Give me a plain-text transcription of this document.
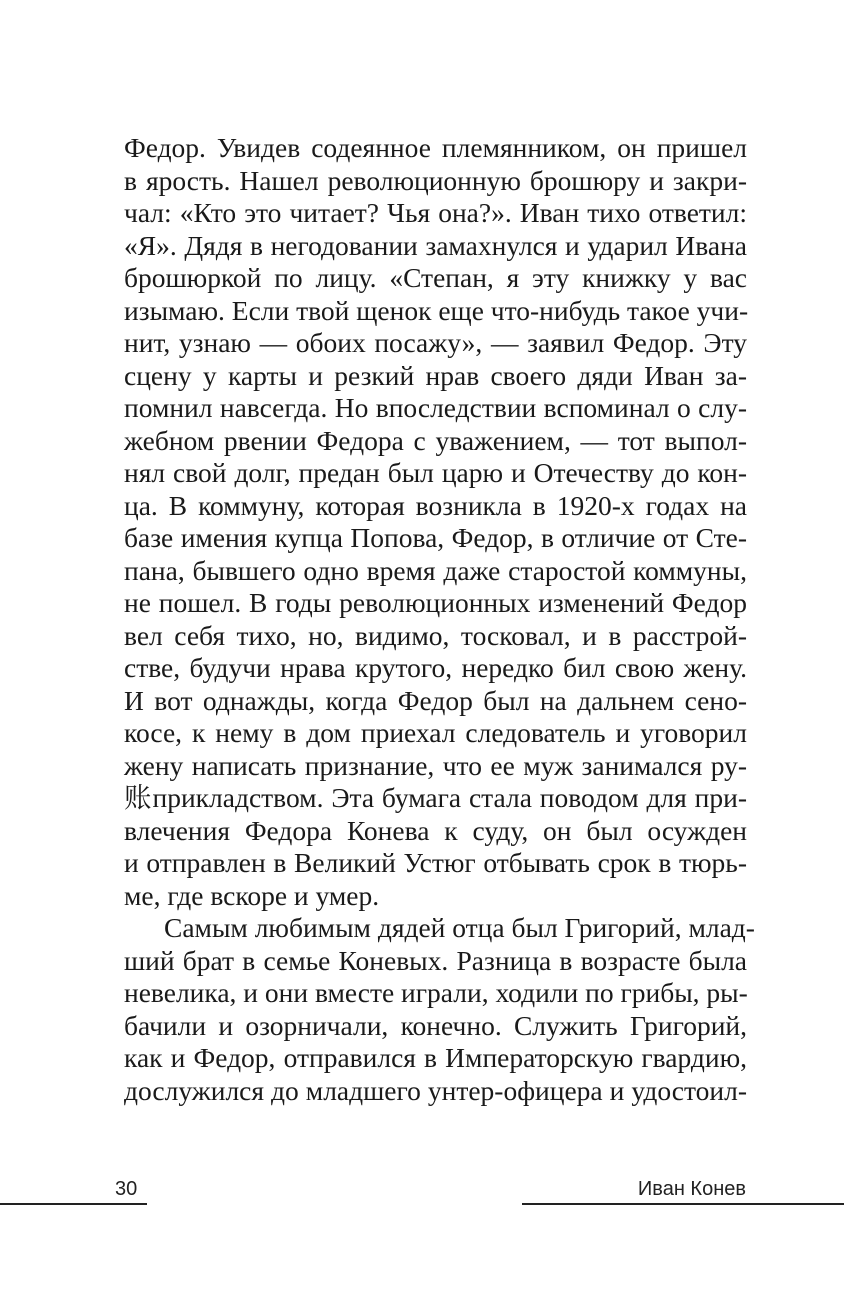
Федор. Увидев содеянное племянником, он пришел
в ярость. Нашел революционную брошюру и закри-
чал: «Кто это читает? Чья она?». Иван тихо ответил:
«Я». Дядя в негодовании замахнулся и ударил Ивана
брошюркой по лицу. «Степан, я эту книжку у вас
изымаю. Если твой щенок еще что-нибудь такое учи-
нит, узнаю — обоих посажу», — заявил Федор. Эту
сцену у карты и резкий нрав своего дяди Иван за-
помнил навсегда. Но впоследствии вспоминал о слу-
жебном рвении Федора с уважением, — тот выпол-
нял свой долг, предан был царю и Отечеству до кон-
ца. В коммуну, которая возникла в 1920-х годах на
базе имения купца Попова, Федор, в отличие от Сте-
пана, бывшего одно время даже старостой коммуны,
не пошел. В годы революционных изменений Федор
вел себя тихо, но, видимо, тосковал, и в расстрой-
стве, будучи нрава крутого, нередко бил свою жену.
И вот однажды, когда Федор был на дальнем сено-
косе, к нему в дом приехал следователь и уговорил
жену написать признание, что ее муж занимался ру-
账прикладством. Эта бумага стала поводом для при-
влечения Федора Конева к суду, он был осужден
и отправлен в Великий Устюг отбывать срок в тюрь-
ме, где вскоре и умер.
Самым любимым дядей отца был Григорий, млад-
ший брат в семье Коневых. Разница в возрасте была
невелика, и они вместе играли, ходили по грибы, ры-
бачили и озорничали, конечно. Служить Григорий,
как и Федор, отправился в Императорскую гвардию,
дослужился до младшего унтер-офицера и удостоил-
30	Иван Конев
